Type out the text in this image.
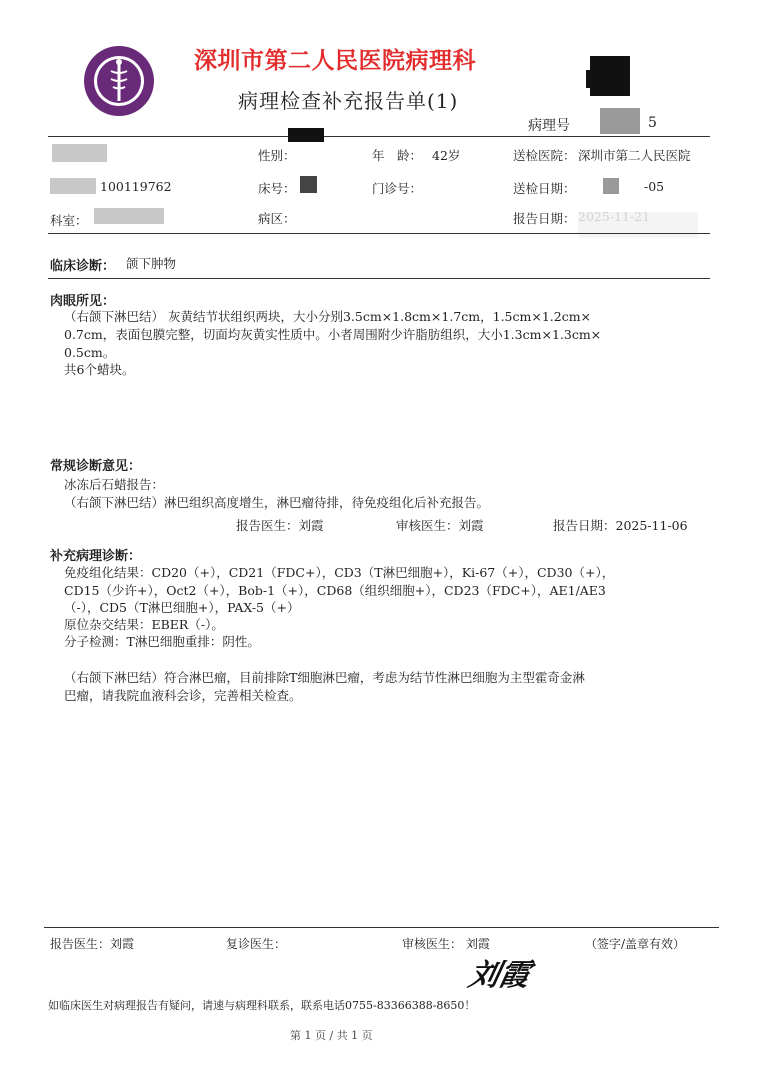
深圳市第二人民医院病理科
病理检查补充报告单(1)
病理号	5
性别：	年　龄： 42岁	送检医院： 深圳市第二人民医院
100119762	床号：	门诊号：	送检日期：	-05
科室：	病区：	报告日期：
临床诊断： 颌下肿物
肉眼所见：
（右颌下淋巴结） 灰黄结节状组织两块，大小分别3.5cm×1.8cm×1.7cm，1.5cm×1.2cm×
0.7cm，表面包膜完整，切面均灰黄实性质中。小者周围附少许脂肪组织，大小1.3cm×1.3cm×
0.5cm。
共6个蜡块。
常规诊断意见：
冰冻后石蜡报告：
（右颌下淋巴结）淋巴组织高度增生，淋巴瘤待排，待免疫组化后补充报告。
报告医生：刘霞	审核医生：刘霞	报告日期：2025-11-06
补充病理诊断：
免疫组化结果：CD20（+），CD21（FDC+），CD3（T淋巴细胞+），Ki-67（+），CD30（+），
CD15（少许+），Oct2（+），Bob-1（+），CD68（组织细胞+），CD23（FDC+），AE1/AE3
（-），CD5（T淋巴细胞+），PAX-5（+）
原位杂交结果：EBER（-）。
分子检测：T淋巴细胞重排：阴性。
（右颌下淋巴结）符合淋巴瘤，目前排除T细胞淋巴瘤，考虑为结节性淋巴细胞为主型霍奇金淋
巴瘤，请我院血液科会诊，完善相关检查。
报告医生：刘霞	复诊医生：	审核医生： 刘霞	（签字/盖章有效）
刘霞
如临床医生对病理报告有疑问，请速与病理科联系，联系电话0755-83366388-8650！
第 1 页 / 共 1 页
